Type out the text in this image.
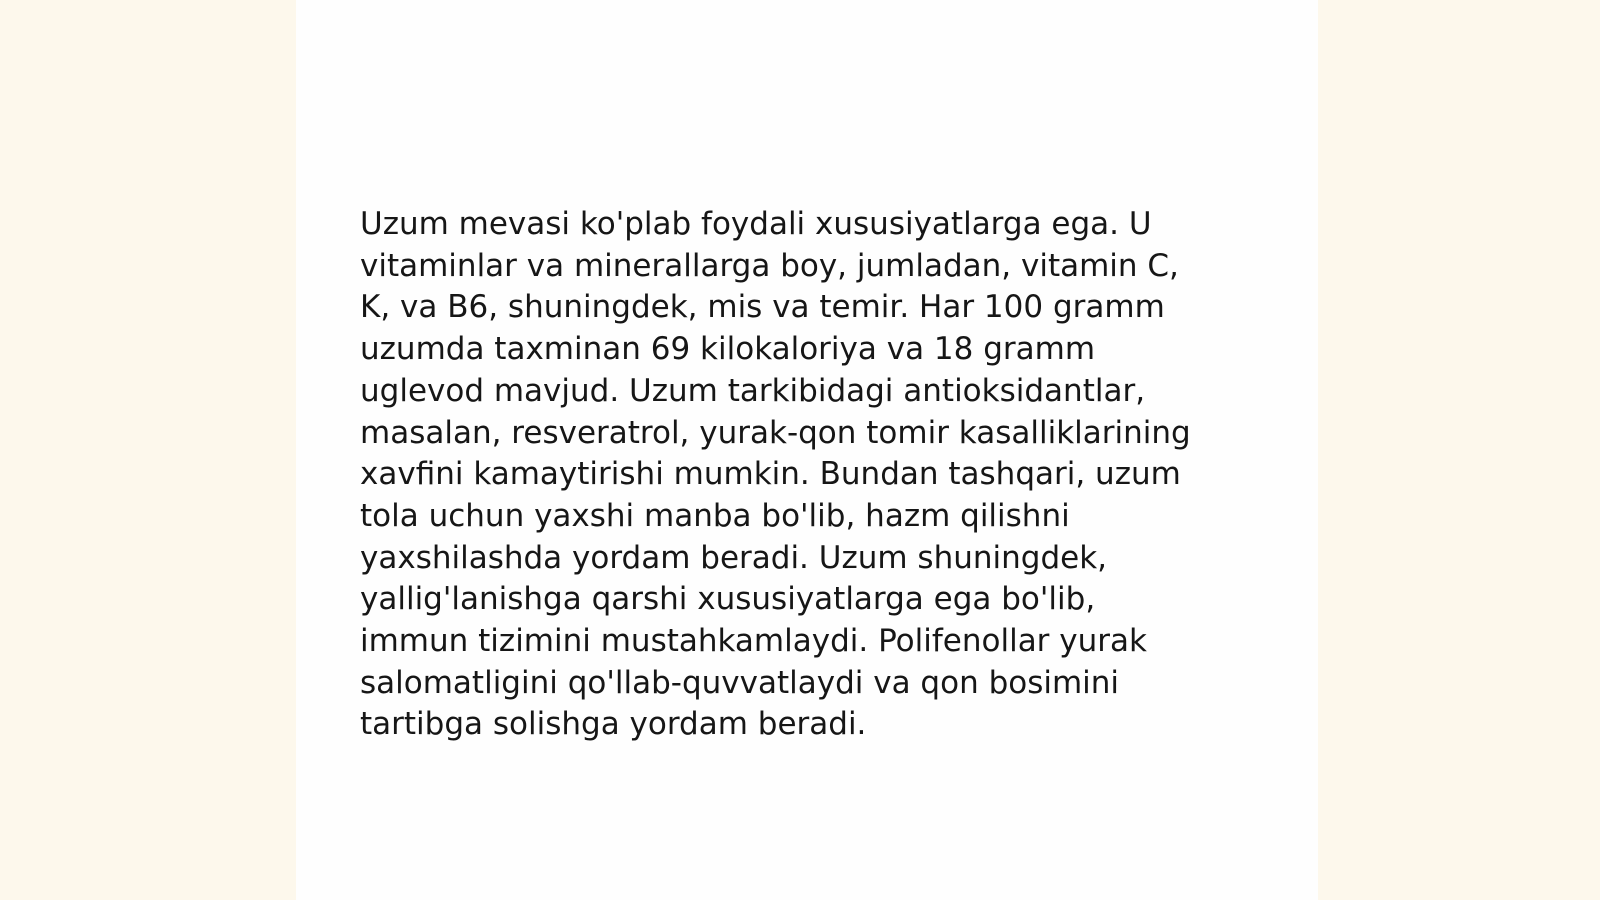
Uzum mevasi ko'plab foydali xususiyatlarga ega. U
vitaminlar va minerallarga boy, jumladan, vitamin C,
K, va B6, shuningdek, mis va temir. Har 100 gramm
uzumda taxminan 69 kilokaloriya va 18 gramm
uglevod mavjud. Uzum tarkibidagi antioksidantlar,
masalan, resveratrol, yurak-qon tomir kasalliklarining
xavfini kamaytirishi mumkin. Bundan tashqari, uzum
tola uchun yaxshi manba bo'lib, hazm qilishni
yaxshilashda yordam beradi. Uzum shuningdek,
yallig'lanishga qarshi xususiyatlarga ega bo'lib,
immun tizimini mustahkamlaydi. Polifenollar yurak
salomatligini qo'llab-quvvatlaydi va qon bosimini
tartibga solishga yordam beradi.
